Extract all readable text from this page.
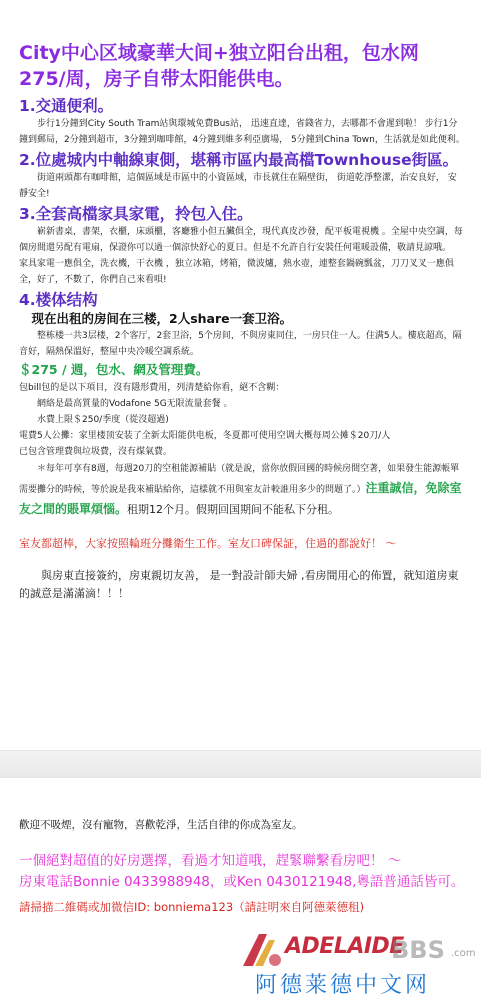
City中心区域豪華大间+独立阳台出租，包水网275/周，房子自带太阳能供电。
1.交通便利。

步行1分鐘到City South Tram站與環城免費Bus站， 迅速直達，省錢省力，去哪都不會遲到啦！ 步行1分鐘到郵局，2分鐘到超市，3分鐘到咖啡館，4分鐘到維多利亞廣場， 5分鐘到China Town，生活就是如此便利。

2.位處城内中軸線東側，堪稱市區内最高檔Townhouse街區。

街道兩頭都有咖啡館，這個區域是市區中的小資區域，市長就住在隔壁街， 街道乾淨整潔，治安良好， 安靜安全!

3.全套高檔家具家電，拎包入住。

嶄新書桌，書架，衣櫃，床頭櫃，客廳雅小但五臟俱全，現代真皮沙發，配平板電視機 。全屋中央空調，每個房間還另配有電扇，保證你可以過一個涼快舒心的夏日。但是不允許自行安裝任何電暖設備，敬請見諒哦。

家具家電一應俱全，洗衣機，干衣機 ，独立冰箱，烤箱，微波爐，熱水壺，連整套鍋碗瓢盆，刀刀叉叉一應俱全，好了，不數了，你們自己來看唄!

4.楼体结构

现在出租的房间在三楼，2人share一套卫浴。

整栋楼一共3层楼，2个客厅，2套卫浴，5个房间，不與房東同住，一房只住一人。住满5人。樓底超高，隔音好，隔熱保溫好，整屋中央冷暖空調系統。

＄275 / 週，包水、網及管理費。

包bill包的是以下項目，沒有隱形費用，列清楚給你看，絕不含糊：

網絡是最高質量的Vodafone 5G无限流量套餐 。

水費上限＄250/季度（從沒超過)

電費5人公攤：家里楼顶安装了全新太阳能供电板，冬夏都可使用空调大概每周公摊＄20刀/人

已包含管理費與垃圾費，沒有煤氣費。

＊每年可享有8週，每週20刀的空租能源補貼（就是說，當你放假回國的時候房間空著，如果發生能源帳單需要攤分的時候，等於說是我來補貼給你，這樣就不用與室友計較誰用多少的問題了。）注重誠信，免除室友之間的賬單煩惱。租期12个月。假期回国期间不能私下分租。

室友都超棒，大家按照輪班分攤衛生工作。室友口碑保証，住過的都說好！ ～

與房東直接簽約，房東親切友善， 是一對設計師夫婦 ,看房間用心的佈置，就知道房東的誠意是滿滿滴！！！

歡迎不吸煙，沒有寵物，喜歡乾淨，生活自律的你成為室友。

一個絕對超值的好房選擇，看過才知道哦，趕緊聯繫看房吧！ ～

房東電話Bonnie 0433988948，或Ken 0430121948,粵語普通話皆可。

請掃描二維碼或加微信ID: bonniema123（請註明來自阿德萊德租)

ADELAIDE
BBS .com
阿德莱德中文网
